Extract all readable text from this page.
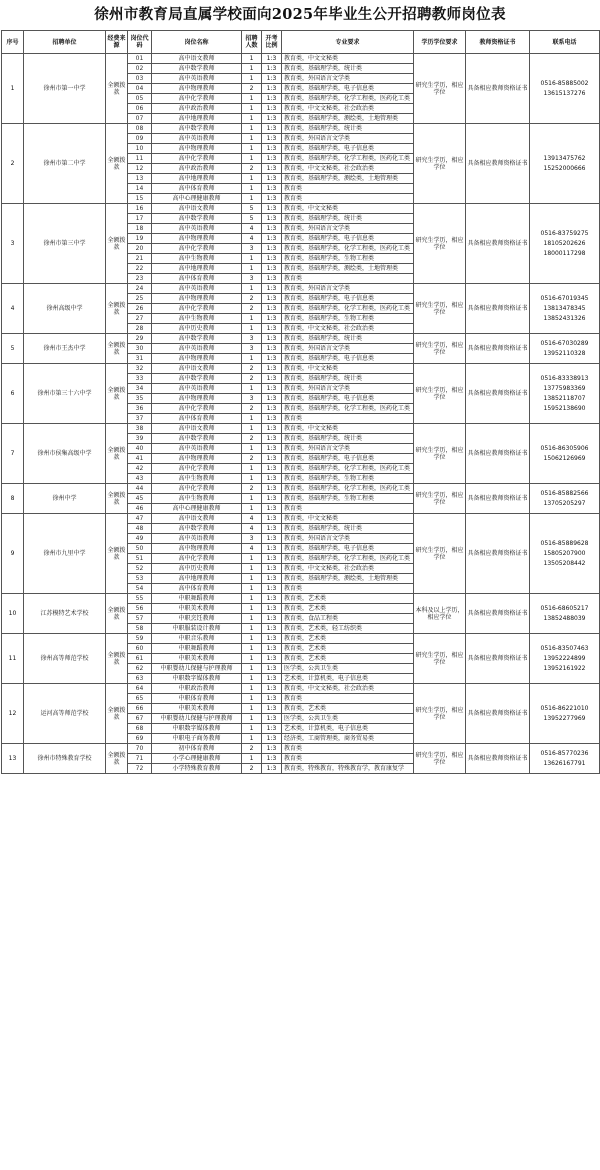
徐州市教育局直属学校面向2025年毕业生公开招聘教师岗位表
序号	招聘单位	经费来源	岗位代码	岗位名称	招聘人数	开考比例	专业要求	学历学位要求	教师资格证书	联系电话
1	徐州市第一中学	全额拨款	01	高中语文教师	1	1:3	教育类，中文文秘类	研究生学历，相应学位	具备相应教师资格证书	0516-85885002
13615137276
			02	高中数学教师	1	1:3	教育类，基础理学类，统计类			
			03	高中英语教师	1	1:3	教育类，外国语言文学类			
			04	高中物理教师	2	1:3	教育类，基础理学类，电子信息类			
			05	高中化学教师	1	1:3	教育类，基础理学类，化学工程类，医药化工类			
			06	高中政治教师	1	1:3	教育类，中文文秘类，社会政治类			
			07	高中地理教师	1	1:3	教育类，基础理学类，测绘类，土地管理类			
2	徐州市第二中学	全额拨款	08	高中数学教师	1	1:3	教育类，基础理学类，统计类	研究生学历，相应学位	具备相应教师资格证书	13913475762
15252000666
			09	高中英语教师	1	1:3	教育类，外国语言文学类			
			10	高中物理教师	1	1:3	教育类，基础理学类，电子信息类			
			11	高中化学教师	1	1:3	教育类，基础理学类，化学工程类，医药化工类			
			12	高中政治教师	2	1:3	教育类，中文文秘类，社会政治类			
			13	高中地理教师	1	1:3	教育类，基础理学类，测绘类，土地管理类			
			14	高中体育教师	1	1:3	教育类			
			15	高中心理健康教师	1	1:3	教育类			
3	徐州市第三中学	全额拨款	16	高中语文教师	5	1:3	教育类，中文文秘类	研究生学历，相应学位	具备相应教师资格证书	0516-83759275
18105202626
18000117298
			17	高中数学教师	5	1:3	教育类，基础理学类，统计类			
			18	高中英语教师	4	1:3	教育类，外国语言文学类			
			19	高中物理教师	4	1:3	教育类，基础理学类，电子信息类			
			20	高中化学教师	3	1:3	教育类，基础理学类，化学工程类，医药化工类			
			21	高中生物教师	1	1:3	教育类，基础理学类，生物工程类			
			22	高中地理教师	1	1:3	教育类，基础理学类，测绘类，土地管理类			
			23	高中体育教师	3	1:3	教育类			
4	徐州高级中学	全额拨款	24	高中英语教师	1	1:3	教育类，外国语言文学类	研究生学历，相应学位	具备相应教师资格证书	0516-67019345
13813478345
13852431326
			25	高中物理教师	2	1:3	教育类，基础理学类，电子信息类			
			26	高中化学教师	2	1:3	教育类，基础理学类，化学工程类，医药化工类			
			27	高中生物教师	1	1:3	教育类，基础理学类，生物工程类			
			28	高中历史教师	1	1:3	教育类，中文文秘类，社会政治类			
5	徐州市王杰中学	全额拨款	29	高中数学教师	3	1:3	教育类，基础理学类，统计类	研究生学历，相应学位	具备相应教师资格证书	0516-67030289
13952110328
			30	高中英语教师	3	1:3	教育类，外国语言文学类			
			31	高中物理教师	1	1:3	教育类，基础理学类，电子信息类			
6	徐州市第三十六中学	全额拨款	32	高中语文教师	2	1:3	教育类，中文文秘类	研究生学历，相应学位	具备相应教师资格证书	0516-83338913
13775983369
13852118707
15952138690
			33	高中数学教师	2	1:3	教育类，基础理学类，统计类			
			34	高中英语教师	1	1:3	教育类，外国语言文学类			
			35	高中物理教师	3	1:3	教育类，基础理学类，电子信息类			
			36	高中化学教师	2	1:3	教育类，基础理学类，化学工程类，医药化工类			
			37	高中体育教师	1	1:3	教育类			
7	徐州市侯集高级中学	全额拨款	38	高中语文教师	1	1:3	教育类，中文文秘类	研究生学历，相应学位	具备相应教师资格证书	0516-86305906
15062126969
			39	高中数学教师	2	1:3	教育类，基础理学类，统计类			
			40	高中英语教师	1	1:3	教育类，外国语言文学类			
			41	高中物理教师	2	1:3	教育类，基础理学类，电子信息类			
			42	高中化学教师	1	1:3	教育类，基础理学类，化学工程类，医药化工类			
			43	高中生物教师	1	1:3	教育类，基础理学类，生物工程类			
8	徐州中学	全额拨款	44	高中化学教师	2	1:3	教育类，基础理学类，化学工程类，医药化工类	研究生学历，相应学位	具备相应教师资格证书	0516-85882566
13705205297
			45	高中生物教师	1	1:3	教育类，基础理学类，生物工程类			
			46	高中心理健康教师	1	1:3	教育类			
9	徐州市九里中学	全额拨款	47	高中语文教师	4	1:3	教育类，中文文秘类	研究生学历，相应学位	具备相应教师资格证书	0516-85889628
15805207900
13505208442
			48	高中数学教师	4	1:3	教育类，基础理学类，统计类			
			49	高中英语教师	3	1:3	教育类，外国语言文学类			
			50	高中物理教师	4	1:3	教育类，基础理学类，电子信息类			
			51	高中化学教师	1	1:3	教育类，基础理学类，化学工程类，医药化工类			
			52	高中历史教师	1	1:3	教育类，中文文秘类，社会政治类			
			53	高中地理教师	1	1:3	教育类，基础理学类，测绘类，土地管理类			
			54	高中体育教师	1	1:3	教育类			
10	江苏模特艺术学校	全额拨款	55	中职舞蹈教师	1	1:3	教育类，艺术类	本科及以上学历，相应学位	具备相应教师资格证书	0516-68605217
13852488039
			56	中职美术教师	1	1:3	教育类，艺术类			
			57	中职烹饪教师	1	1:3	教育类，食品工程类			
			58	中职服装设计教师	1	1:3	教育类，艺术类，轻工纺织类			
11	徐州高等师范学校	全额拨款	59	中职音乐教师	1	1:3	教育类，艺术类	研究生学历，相应学位	具备相应教师资格证书	0516-83507463
13952224899
13952161922
			60	中职舞蹈教师	1	1:3	教育类，艺术类			
			61	中职美术教师	1	1:3	教育类，艺术类			
			62	中职婴幼儿保健与护理教师	1	1:3	医学类，公共卫生类			
			63	中职数字媒体教师	1	1:3	艺术类，计算机类，电子信息类			
12	运河高等师范学校	全额拨款	64	中职政治教师	1	1:3	教育类，中文文秘类，社会政治类	研究生学历，相应学位	具备相应教师资格证书	0516-86221010
13952277969
			65	中职体育教师	1	1:3	教育类			
			66	中职美术教师	1	1:3	教育类，艺术类			
			67	中职婴幼儿保健与护理教师	1	1:3	医学类，公共卫生类			
			68	中职数字媒体教师	1	1:3	艺术类，计算机类，电子信息类			
			69	中职电子商务教师	1	1:3	经济类，工商管理类，商务贸易类			
13	徐州市特殊教育学校	全额拨款	70	初中体育教师	2	1:3	教育类	研究生学历，相应学位	具备相应教师资格证书	0516-85770236
13626167791
			71	小学心理健康教师	1	1:3	教育类			
			72	小学特殊教育教师	2	1:3	教育类，特殊教育，特殊教育学，教育康复学			
